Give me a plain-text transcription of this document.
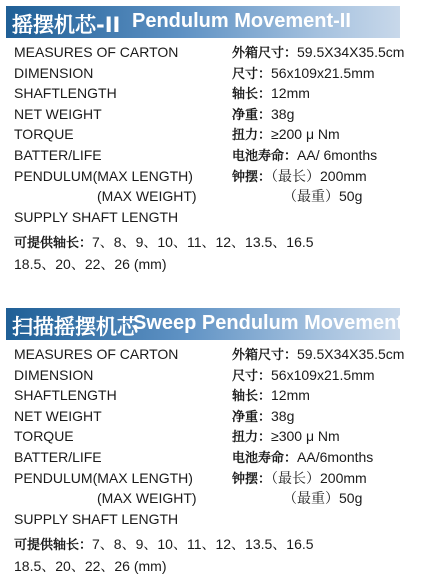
摇摆机芯-II Pendulum Movement-II
MEASURES OF CARTON	外箱尺寸：59.5X34X35.5cm
DIMENSION	尺寸：56x109x21.5mm
SHAFTLENGTH	轴长：12mm
NET WEIGHT	净重：38g
TORQUE	扭力：≥200 μ Nm
BATTER/LIFE	电池寿命：AA/ 6months
PENDULUM(MAX LENGTH)	钟摆：（最长）200mm
(MAX WEIGHT)	（最重）50g
SUPPLY SHAFT LENGTH
可提供轴长：7、8、9、10、11、12、13.5、16.5
18.5、20、22、26 (mm)
扫描摇摆机芯
Sweep Pendulum Movement
MEASURES OF CARTON	外箱尺寸：59.5X34X35.5cm
DIMENSION	尺寸：56x109x21.5mm
SHAFTLENGTH	轴长：12mm
NET WEIGHT	净重：38g
TORQUE	扭力：≥300 μ Nm
BATTER/LIFE	电池寿命：AA/6months
PENDULUM(MAX LENGTH)	钟摆：（最长）200mm
(MAX WEIGHT)	（最重）50g
SUPPLY SHAFT LENGTH
可提供轴长：7、8、9、10、11、12、13.5、16.5
18.5、20、22、26 (mm)
